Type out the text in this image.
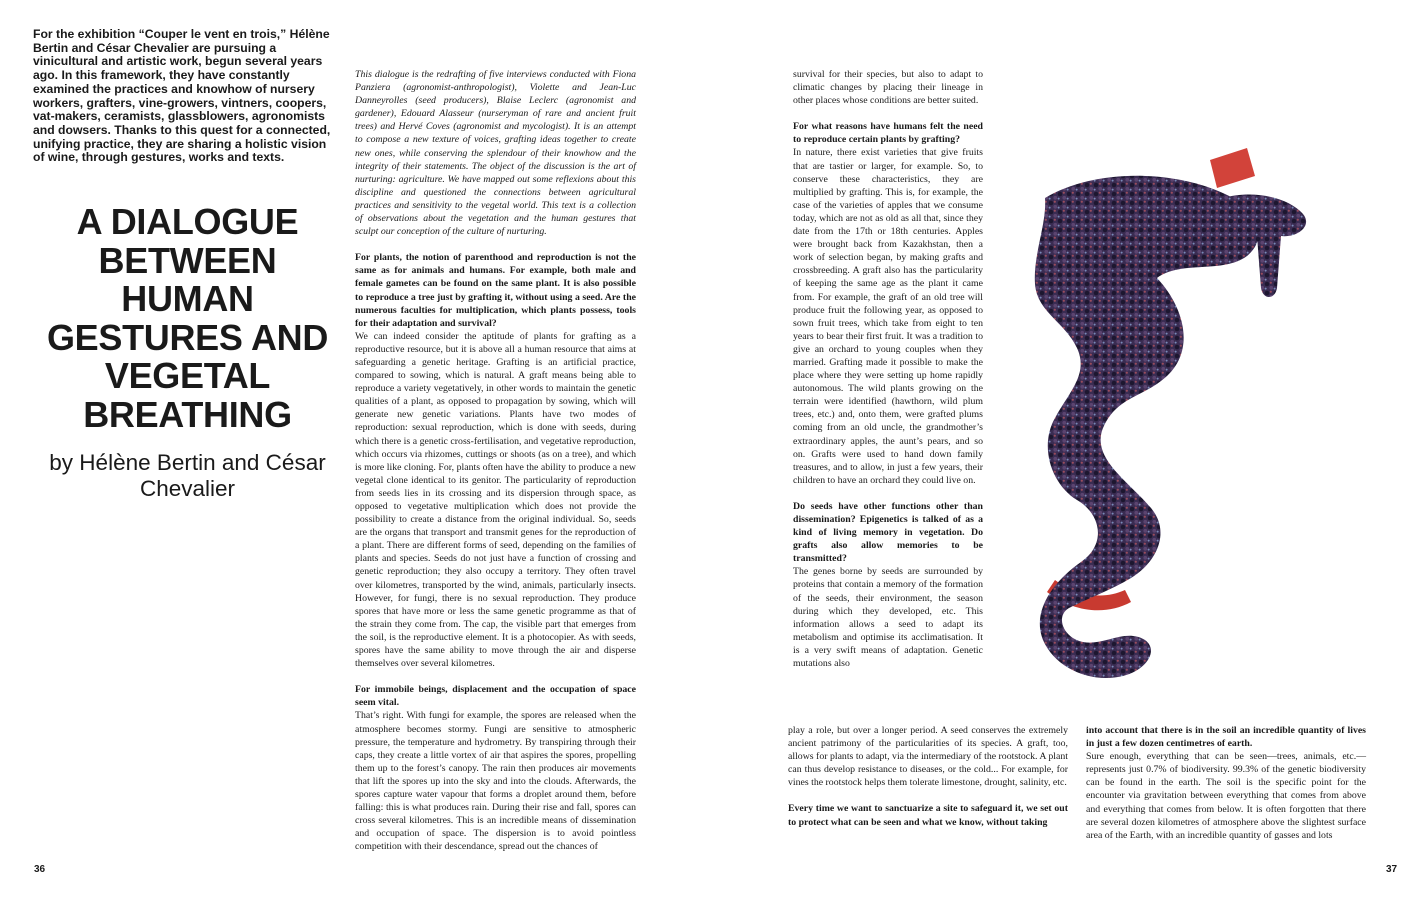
For the exhibition “Couper le vent en trois,” Hélène Bertin and César Chevalier are pursuing a vinicultural and artistic work, begun several years ago. In this framework, they have constantly examined the practices and knowhow of nursery workers, grafters, vine-growers, vintners, coopers, vat-makers, ceramists, glassblowers, agronomists and dowsers. Thanks to this quest for a connected, unifying practice, they are sharing a holistic vision of wine, through gestures, works and texts.
A DIALOGUE BETWEEN HUMAN GESTURES AND VEGETAL BREATHING
by Hélène Bertin and César Chevalier

This dialogue is the redrafting of five interviews conducted with Fiona Panziera (agronomist-anthropologist), Violette and Jean-Luc Danneyrolles (seed producers), Blaise Leclerc (agronomist and gardener), Edouard Alasseur (nurseryman of rare and ancient fruit trees) and Hervé Coves (agronomist and mycologist). It is an attempt to compose a new texture of voices, grafting ideas together to create new ones, while conserving the splendour of their knowhow and the integrity of their statements. The object of the discussion is the art of nurturing: agriculture. We have mapped out some reflexions about this discipline and questioned the connections between agricultural practices and sensitivity to the vegetal world. This text is a collection of observations about the vegetation and the human gestures that sculpt our conception of the culture of nurturing.

For plants, the notion of parenthood and reproduction is not the same as for animals and humans. For example, both male and female gametes can be found on the same plant. It is also possible to reproduce a tree just by grafting it, without using a seed. Are the numerous faculties for multiplication, which plants possess, tools for their adaptation and survival?

We can indeed consider the aptitude of plants for grafting as a reproductive resource, but it is above all a human resource that aims at safeguarding a genetic heritage. Grafting is an artificial practice, compared to sowing, which is natural. A graft means being able to reproduce a variety vegetatively, in other words to maintain the genetic qualities of a plant, as opposed to propagation by sowing, which will generate new genetic variations. Plants have two modes of reproduction: sexual reproduction, which is done with seeds, during which there is a genetic cross-fertilisation, and vegetative reproduction, which occurs via rhizomes, cuttings or shoots (as on a tree), and which is more like cloning. For, plants often have the ability to produce a new vegetal clone identical to its genitor. The particularity of reproduction from seeds lies in its crossing and its dispersion through space, as opposed to vegetative multiplication which does not provide the possibility to create a distance from the original individual. So, seeds are the organs that transport and transmit genes for the reproduction of a plant. There are different forms of seed, depending on the families of plants and species. Seeds do not just have a function of crossing and genetic reproduction; they also occupy a territory. They often travel over kilometres, transported by the wind, animals, particularly insects. However, for fungi, there is no sexual reproduction. They produce spores that have more or less the same genetic programme as that of the strain they come from. The cap, the visible part that emerges from the soil, is the reproductive element. It is a photocopier. As with seeds, spores have the same ability to move through the air and disperse themselves over several kilometres.

For immobile beings, displacement and the occupation of space seem vital.

That’s right. With fungi for example, the spores are released when the atmosphere becomes stormy. Fungi are sensitive to atmospheric pressure, the temperature and hydrometry. By transpiring through their caps, they create a little vortex of air that aspires the spores, propelling them up to the forest’s canopy. The rain then produces air movements that lift the spores up into the sky and into the clouds. Afterwards, the spores capture water vapour that forms a droplet around them, before falling: this is what produces rain. During their rise and fall, spores can cross several kilometres. This is an incredible means of dissemination and occupation of space. The dispersion is to avoid pointless competition with their descendance, spread out the chances of

survival for their species, but also to adapt to climatic changes by placing their lineage in other places whose conditions are better suited.

For what reasons have humans felt the need to reproduce certain plants by grafting?

In nature, there exist varieties that give fruits that are tastier or larger, for example. So, to conserve these characteristics, they are multiplied by grafting. This is, for example, the case of the varieties of apples that we consume today, which are not as old as all that, since they date from the 17th or 18th centuries. Apples were brought back from Kazakhstan, then a work of selection began, by making grafts and crossbreeding. A graft also has the particularity of keeping the same age as the plant it came from. For example, the graft of an old tree will produce fruit the following year, as opposed to sown fruit trees, which take from eight to ten years to bear their first fruit. It was a tradition to give an orchard to young couples when they married. Grafting made it possible to make the place where they were setting up home rapidly autonomous. The wild plants growing on the terrain were identified (hawthorn, wild plum trees, etc.) and, onto them, were grafted plums coming from an old uncle, the grandmother’s extraordinary apples, the aunt’s pears, and so on. Grafts were used to hand down family treasures, and to allow, in just a few years, their children to have an orchard they could live on.

Do seeds have other functions other than dissemination? Epigenetics is talked of as a kind of living memory in vegetation. Do grafts also allow memories to be transmitted?

The genes borne by seeds are surrounded by proteins that contain a memory of the formation of the seeds, their environment, the season during which they developed, etc. This information allows a seed to adapt its metabolism and optimise its acclimatisation. It is a very swift means of adaptation. Genetic mutations also

play a role, but over a longer period. A seed conserves the extremely ancient patrimony of the particularities of its species. A graft, too, allows for plants to adapt, via the intermediary of the rootstock. A plant can thus develop resistance to diseases, or the cold... For example, for vines the rootstock helps them tolerate limestone, drought, salinity, etc.

Every time we want to sanctuarize a site to safeguard it, we set out to protect what can be seen and what we know, without taking

into account that there is in the soil an incredible quantity of lives in just a few dozen centimetres of earth.

Sure enough, everything that can be seen—trees, animals, etc.—represents just 0.7% of biodiversity. 99.3% of the genetic biodiversity can be found in the earth. The soil is the specific point for the encounter via gravitation between everything that comes from above and everything that comes from below. It is often forgotten that there are several dozen kilometres of atmosphere above the slightest surface area of the Earth, with an incredible quantity of gasses and lots

36	37
